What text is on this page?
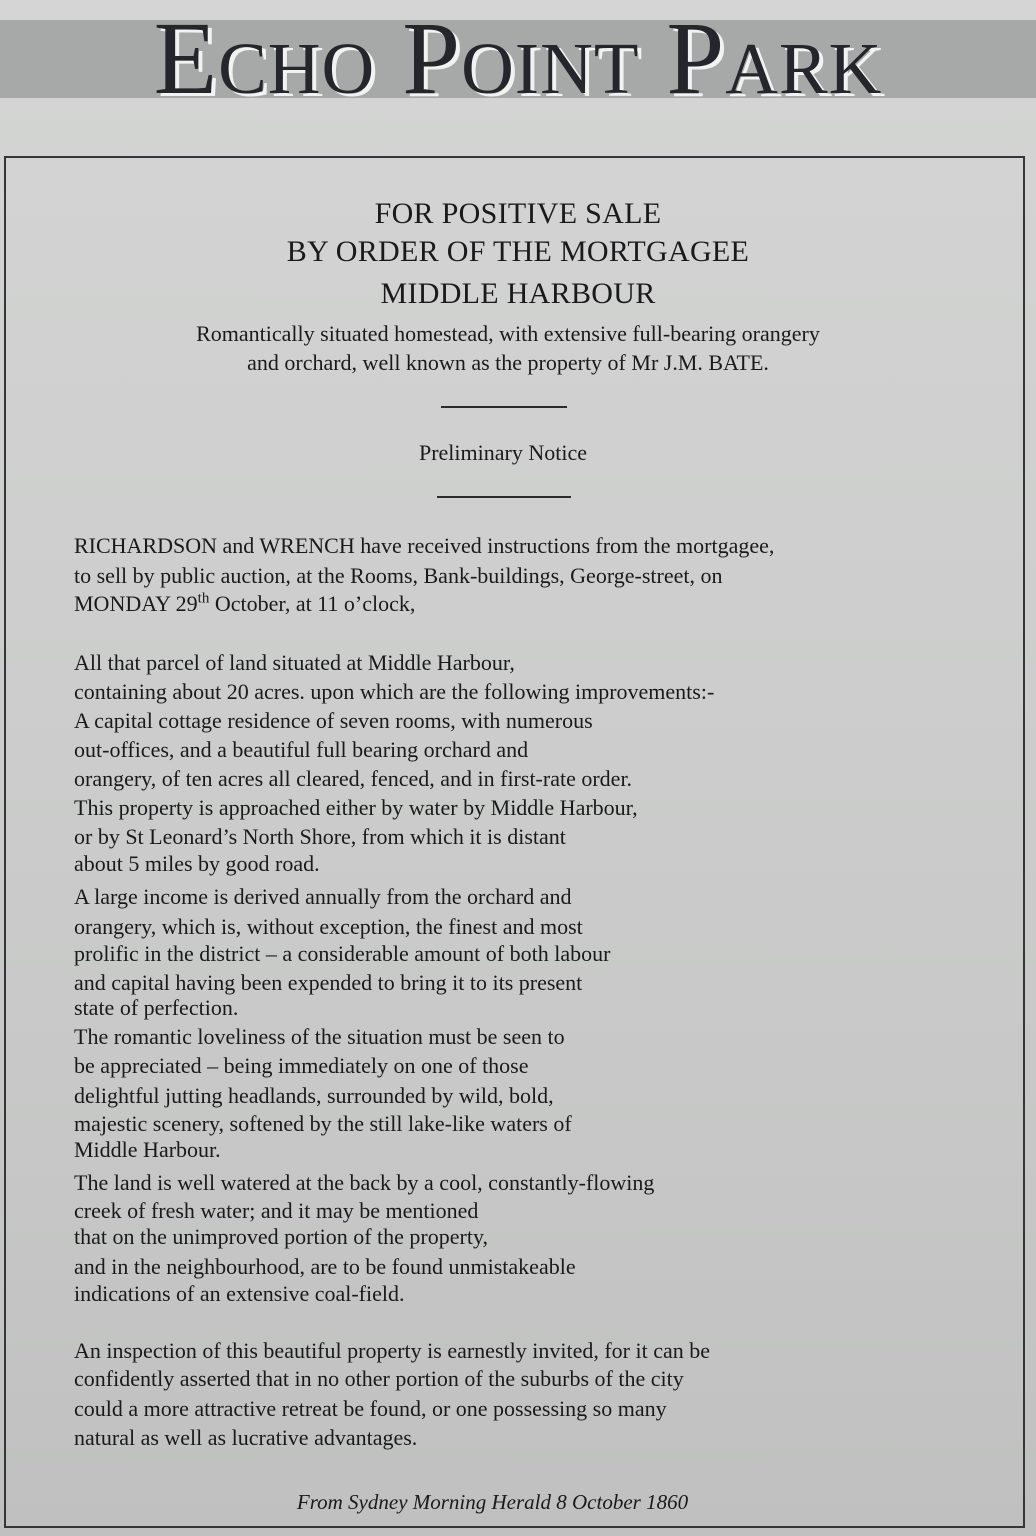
Echo Point Park
FOR POSITIVE SALE
BY ORDER OF THE MORTGAGEE
MIDDLE HARBOUR
Romantically situated homestead, with extensive full-bearing orangery
and orchard, well known as the property of Mr J.M. BATE.
Preliminary Notice
RICHARDSON and WRENCH have received instructions from the mortgagee,
to sell by public auction, at the Rooms, Bank-buildings, George-street, on
MONDAY 29th October, at 11 o’clock,
All that parcel of land situated at Middle Harbour,
containing about 20 acres. upon which are the following improvements:-
A capital cottage residence of seven rooms, with numerous
out-offices, and a beautiful full bearing orchard and
orangery, of ten acres all cleared, fenced, and in first-rate order.
This property is approached either by water by Middle Harbour,
or by St Leonard’s North Shore, from which it is distant
about 5 miles by good road.
A large income is derived annually from the orchard and
orangery, which is, without exception, the finest and most
prolific in the district – a considerable amount of both labour
and capital having been expended to bring it to its present
state of perfection.
The romantic loveliness of the situation must be seen to
be appreciated – being immediately on one of those
delightful jutting headlands, surrounded by wild, bold,
majestic scenery, softened by the still lake-like waters of
Middle Harbour.
The land is well watered at the back by a cool, constantly-flowing
creek of fresh water; and it may be mentioned
that on the unimproved portion of the property,
and in the neighbourhood, are to be found unmistakeable
indications of an extensive coal-field.
An inspection of this beautiful property is earnestly invited, for it can be
confidently asserted that in no other portion of the suburbs of the city
could a more attractive retreat be found, or one possessing so many
natural as well as lucrative advantages.
From Sydney Morning Herald 8 October 1860
